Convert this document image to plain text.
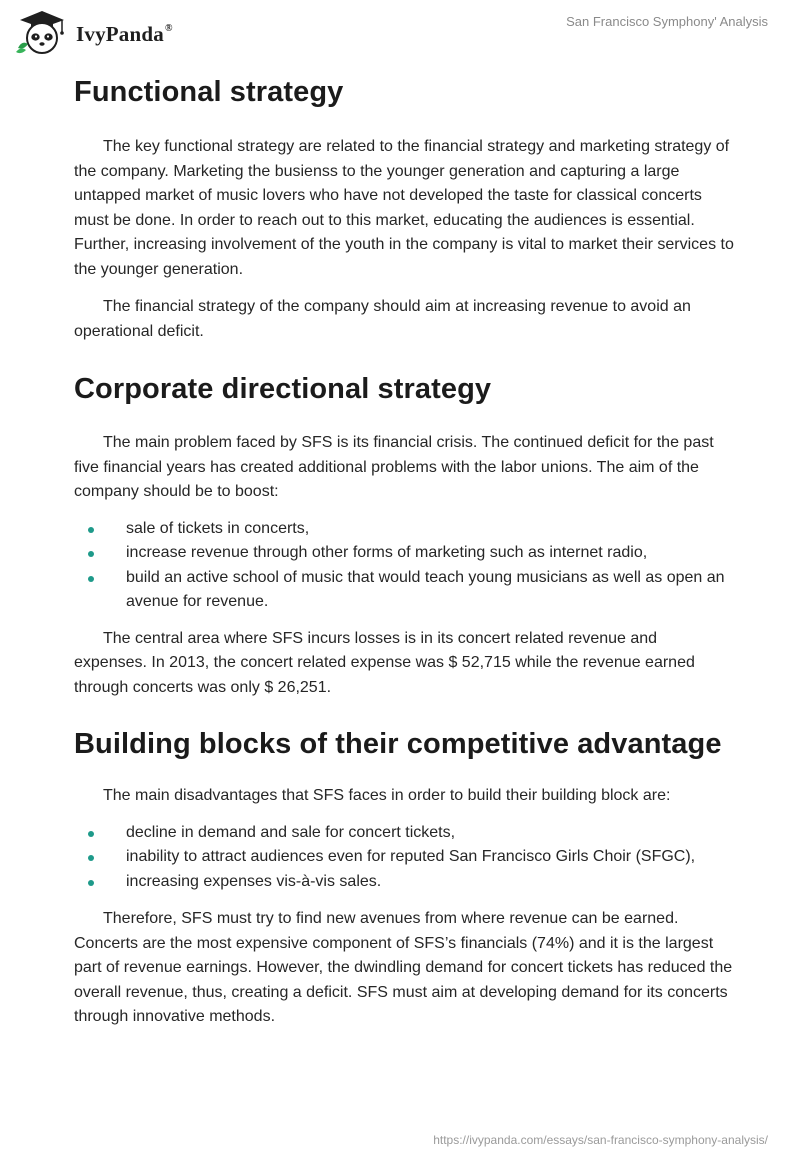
IvyPanda®	San Francisco Symphony' Analysis
Functional strategy

The key functional strategy are related to the financial strategy and marketing strategy of the company. Marketing the busienss to the younger generation and capturing a large untapped market of music lovers who have not developed the taste for classical concerts must be done. In order to reach out to this market, educating the audiences is essential. Further, increasing involvement of the youth in the company is vital to market their services to the younger generation.

The financial strategy of the company should aim at increasing revenue to avoid an operational deficit.

Corporate directional strategy

The main problem faced by SFS is its financial crisis. The continued deficit for the past five financial years has created additional problems with the labor unions. The aim of the company should be to boost:

sale of tickets in concerts,
increase revenue through other forms of marketing such as internet radio,
build an active school of music that would teach young musicians as well as open an avenue for revenue.

The central area where SFS incurs losses is in its concert related revenue and expenses. In 2013, the concert related expense was $ 52,715 while the revenue earned through concerts was only $ 26,251.

Building blocks of their competitive advantage

The main disadvantages that SFS faces in order to build their building block are:

decline in demand and sale for concert tickets,
inability to attract audiences even for reputed San Francisco Girls Choir (SFGC),
increasing expenses vis-à-vis sales.

Therefore, SFS must try to find new avenues from where revenue can be earned. Concerts are the most expensive component of SFS’s financials (74%) and it is the largest part of revenue earnings. However, the dwindling demand for concert tickets has reduced the overall revenue, thus, creating a deficit. SFS must aim at developing demand for its concerts through innovative methods.

https://ivypanda.com/essays/san-francisco-symphony-analysis/
